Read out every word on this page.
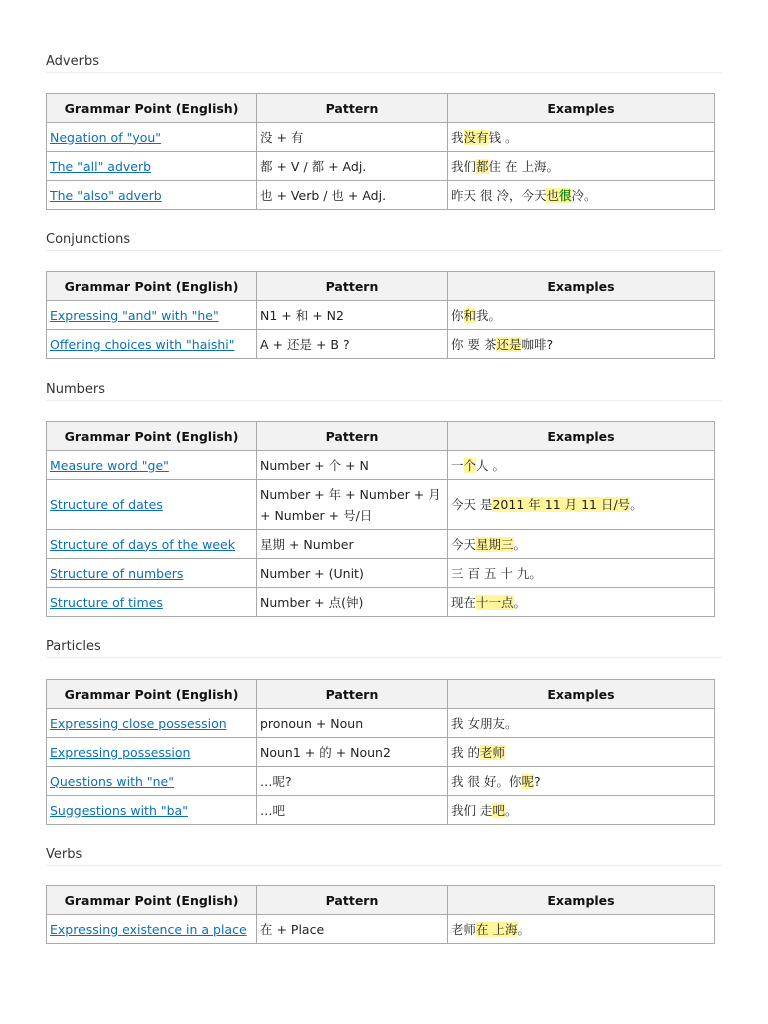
Adverbs
Grammar Point (English)	Pattern	Examples
Negation of "you"	没 + 有	我没有钱 。
The "all" adverb	都 + V / 都 + Adj.	我们都住 在 上海。
The "also" adverb	也 + Verb / 也 + Adj.	昨天 很 冷，今天也很冷。
Conjunctions
Grammar Point (English)	Pattern	Examples
Expressing "and" with "he"	N1 + 和 + N2	你和我。
Offering choices with "haishi"	A + 还是 + B ?	你 要 茶还是咖啡?
Numbers
Grammar Point (English)	Pattern	Examples
Measure word "ge"	Number + 个 + N	一个人 。
Structure of dates	Number + 年 + Number + 月 + Number + 号/日	今天 是2011 年 11 月 11 日/号。
Structure of days of the week	星期 + Number	今天星期三。
Structure of numbers	Number + (Unit)	三 百 五 十 九。
Structure of times	Number + 点(钟)	现在十一点。
Particles
Grammar Point (English)	Pattern	Examples
Expressing close possession	pronoun + Noun	我 女朋友。
Expressing possession	Noun1 + 的 + Noun2	我 的老师
Questions with "ne"	…呢?	我 很 好。你呢?
Suggestions with "ba"	…吧	我们 走吧。
Verbs
Grammar Point (English)	Pattern	Examples
Expressing existence in a place	在 + Place	老师在 上海。
